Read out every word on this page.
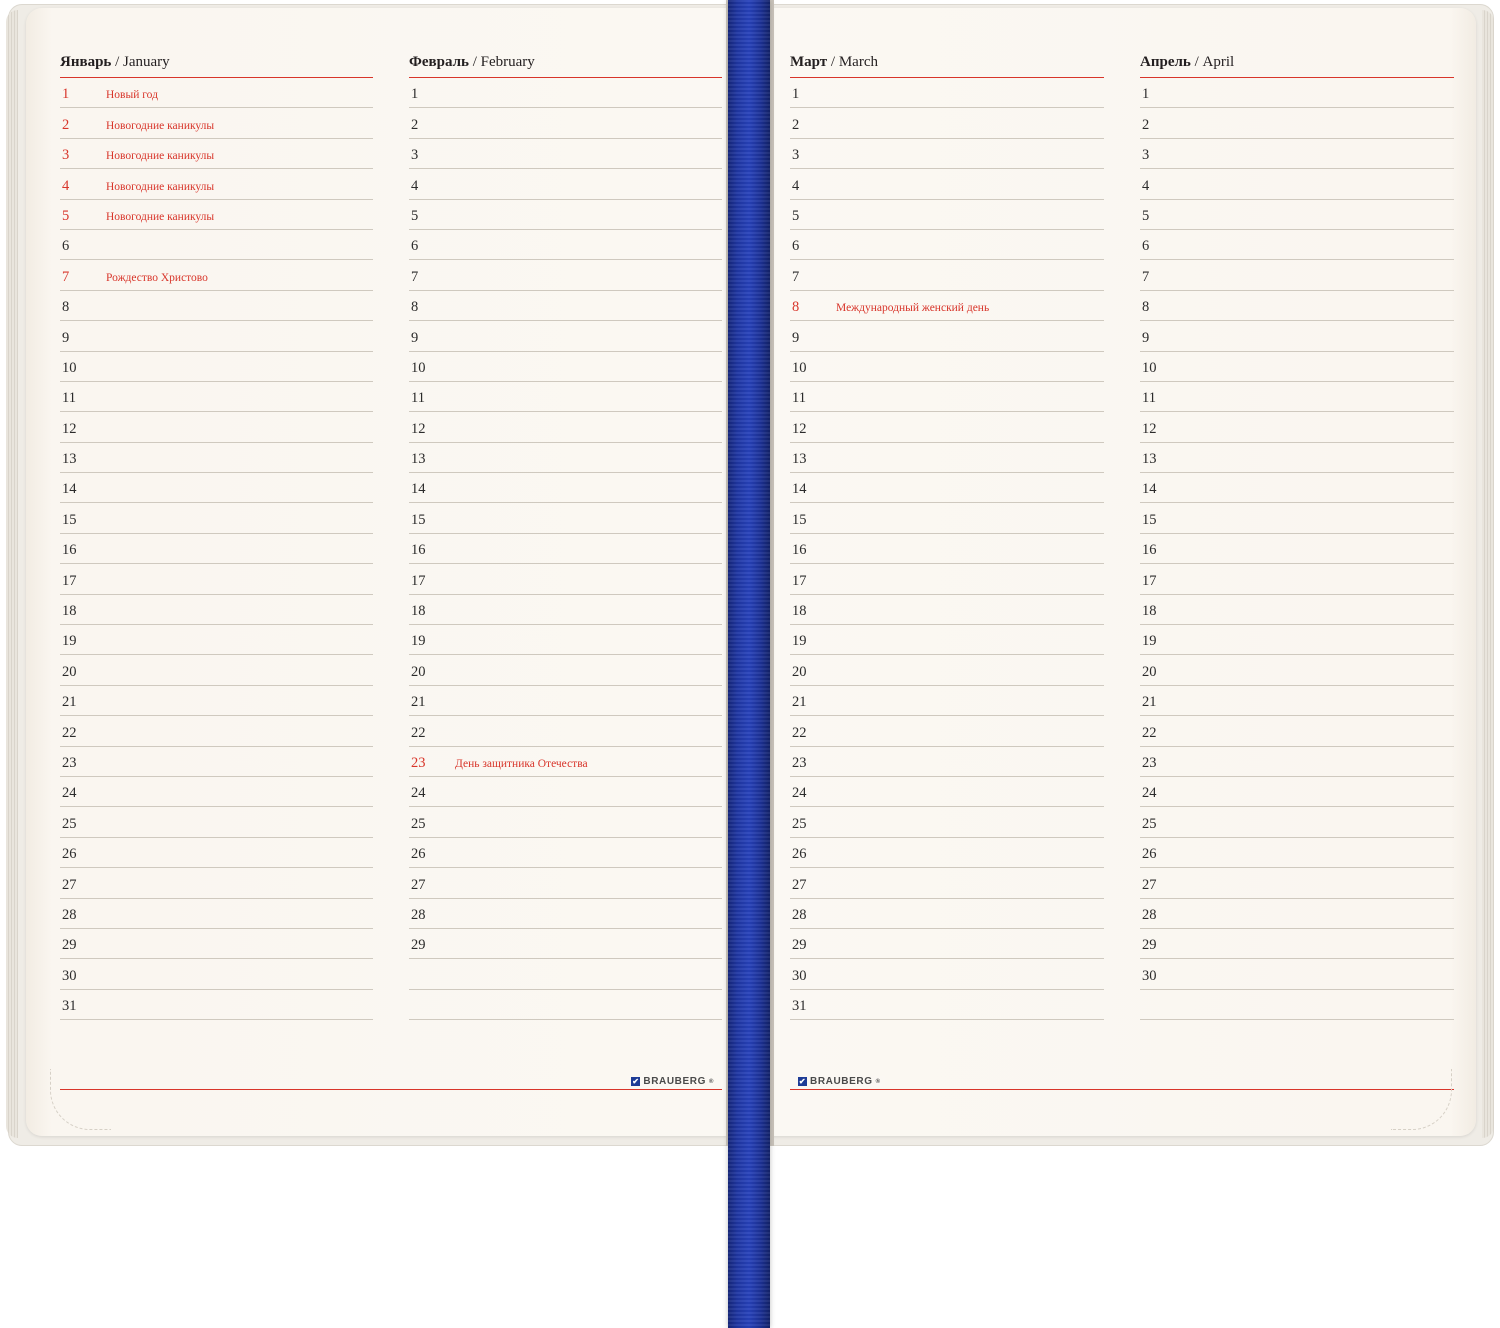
Январь / January
1	Новый год
2	Новогодние каникулы
3	Новогодние каникулы
4	Новогодние каникулы
5	Новогодние каникулы
6
7	Рождество Христово
8
9
10
11
12
13
14
15
16
17
18
19
20
21
22
23
24
25
26
27
28
29
30
31
Февраль / February
1
2
3
4
5
6
7
8
9
10
11
12
13
14
15
16
17
18
19
20
21
22
23	День защитника Отечества
24
25
26
27
28
29
✔ BRAUBERG ®
Март / March
1
2
3
4
5
6
7
8	Международный женский день
9
10
11
12
13
14
15
16
17
18
19
20
21
22
23
24
25
26
27
28
29
30
31
Апрель / April
1
2
3
4
5
6
7
8
9
10
11
12
13
14
15
16
17
18
19
20
21
22
23
24
25
26
27
28
29
30
✔ BRAUBERG ®
